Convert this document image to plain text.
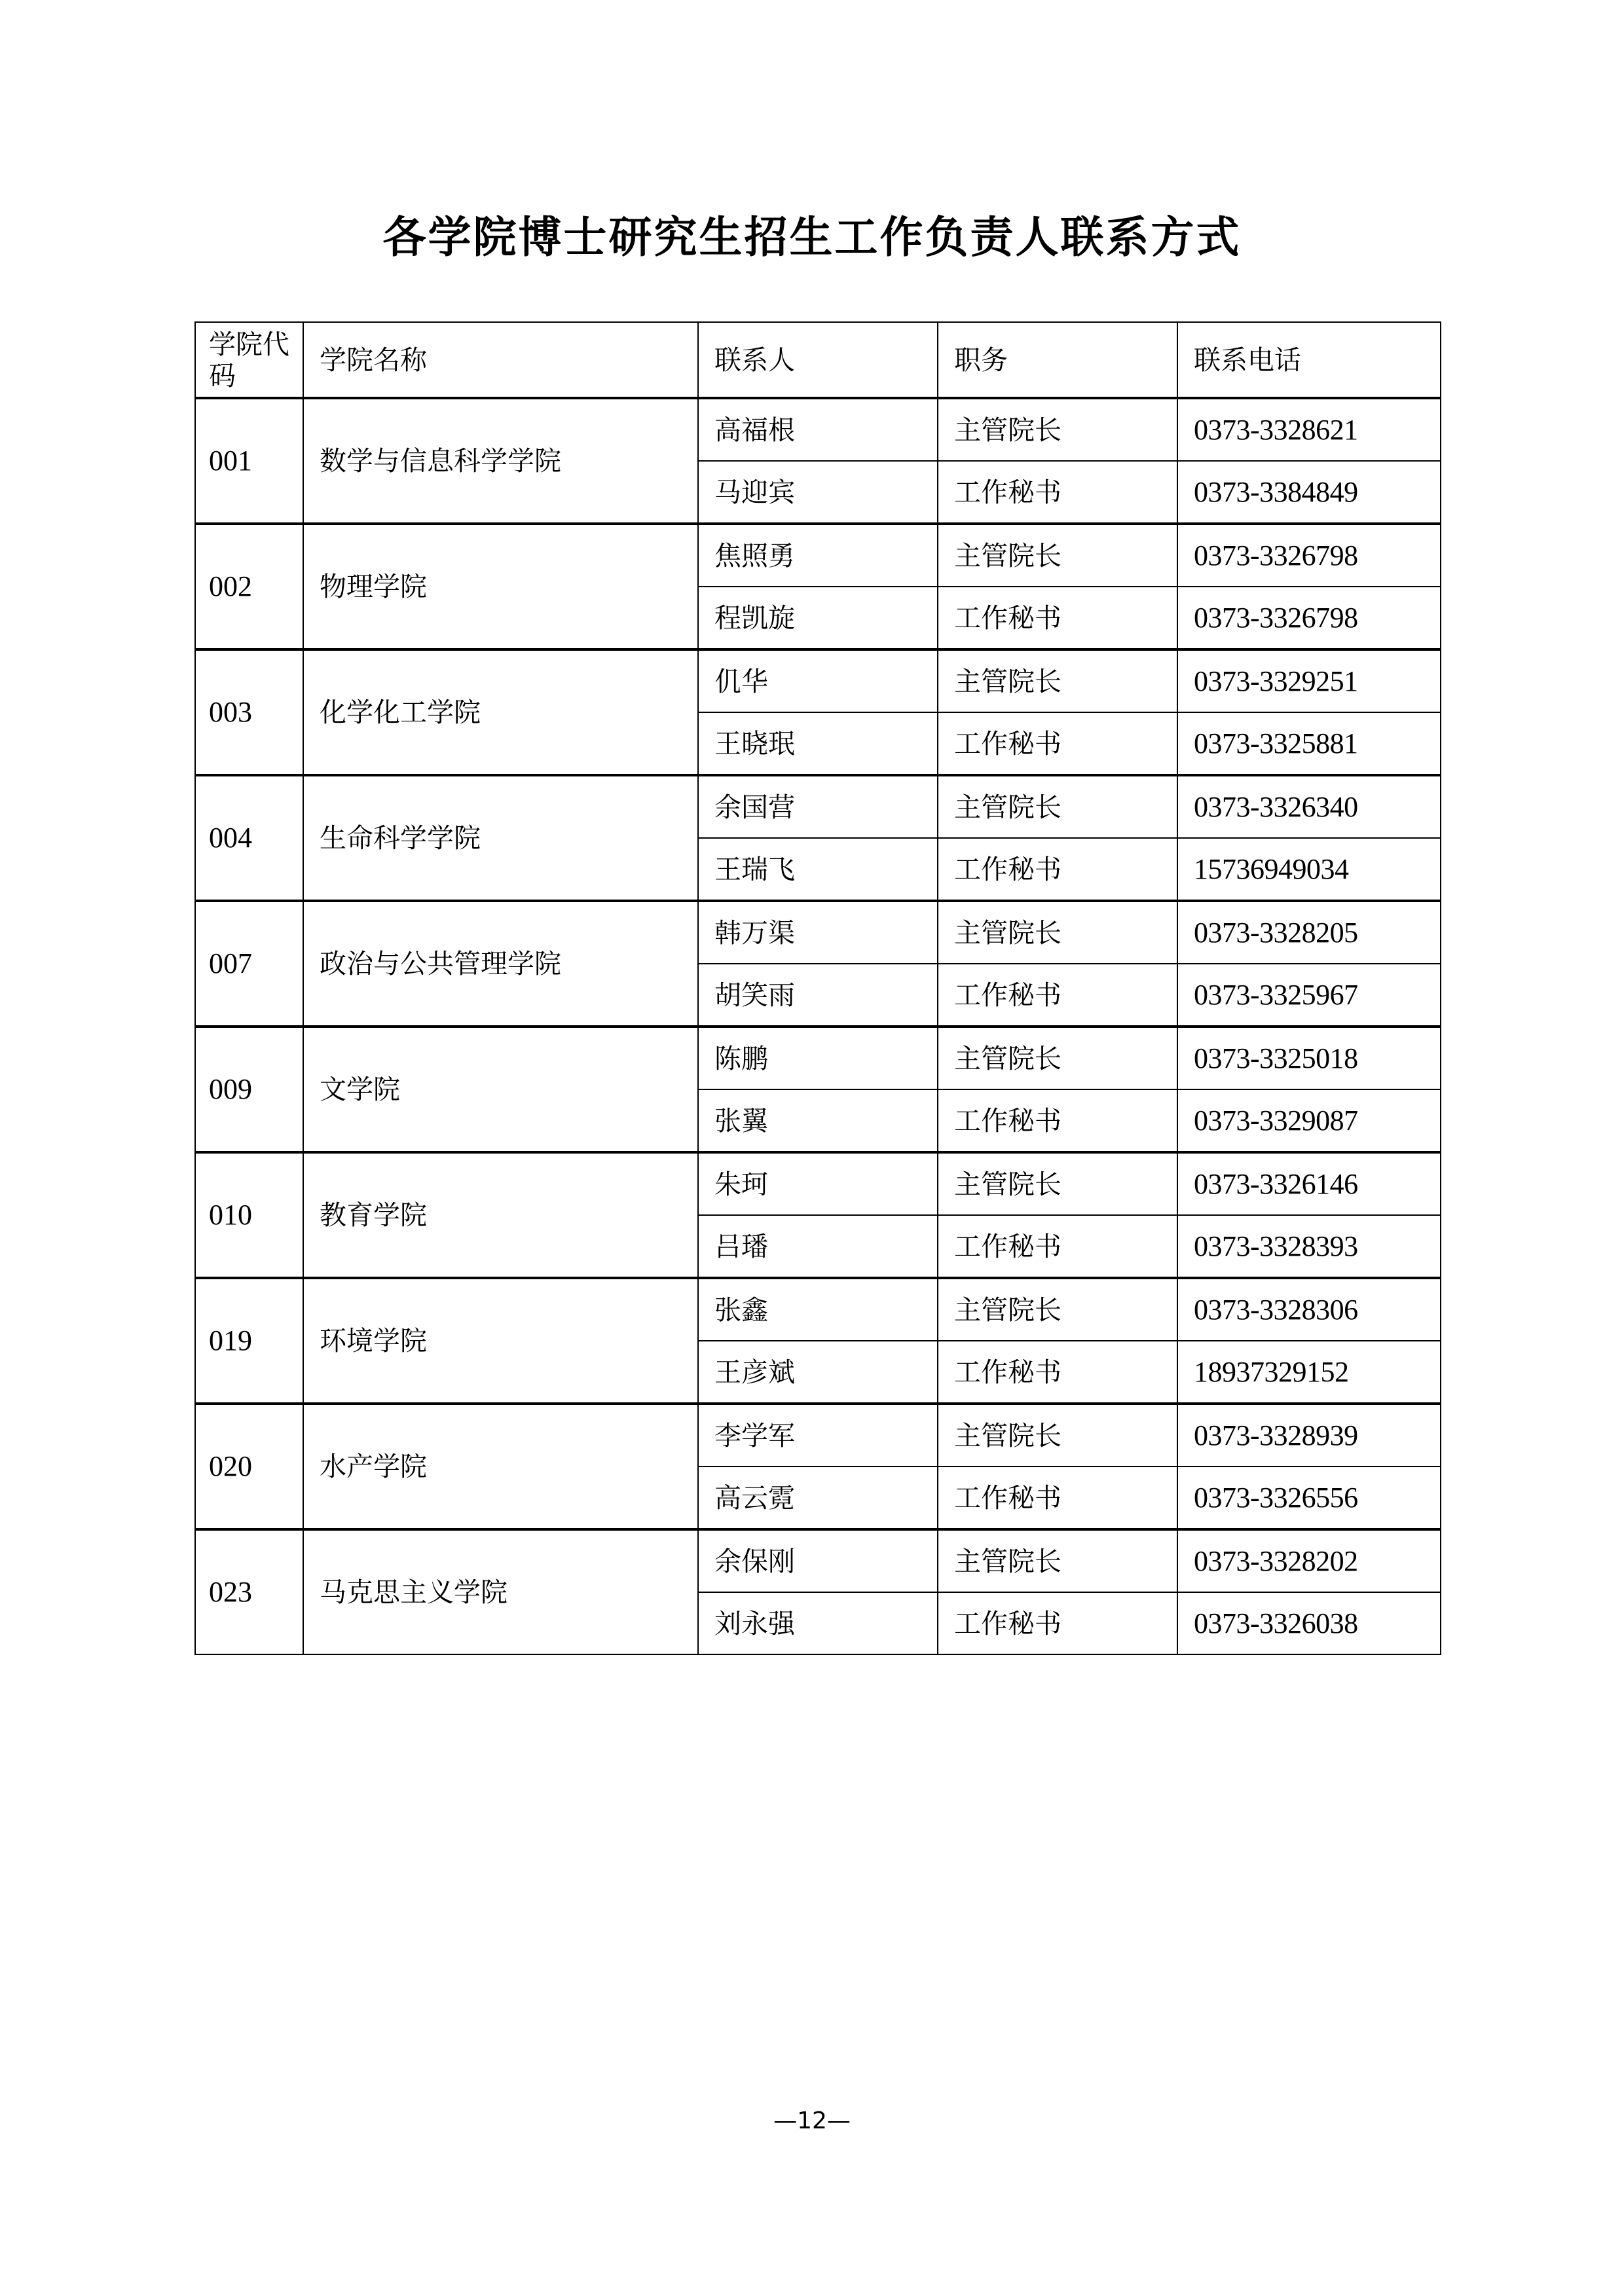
各学院博士研究生招生工作负责人联系方式
学院代码	学院名称	联系人	职务	联系电话
001	数学与信息科学学院	高福根	主管院长	0373-3328621
		马迎宾	工作秘书	0373-3384849
002	物理学院	焦照勇	主管院长	0373-3326798
		程凯旋	工作秘书	0373-3326798
003	化学化工学院	仉华	主管院长	0373-3329251
		王晓珉	工作秘书	0373-3325881
004	生命科学学院	余国营	主管院长	0373-3326340
		王瑞飞	工作秘书	15736949034
007	政治与公共管理学院	韩万渠	主管院长	0373-3328205
		胡笑雨	工作秘书	0373-3325967
009	文学院	陈鹏	主管院长	0373-3325018
		张翼	工作秘书	0373-3329087
010	教育学院	朱珂	主管院长	0373-3326146
		吕璠	工作秘书	0373-3328393
019	环境学院	张鑫	主管院长	0373-3328306
		王彦斌	工作秘书	18937329152
020	水产学院	李学军	主管院长	0373-3328939
		高云霓	工作秘书	0373-3326556
023	马克思主义学院	余保刚	主管院长	0373-3328202
		刘永强	工作秘书	0373-3326038
—12—
